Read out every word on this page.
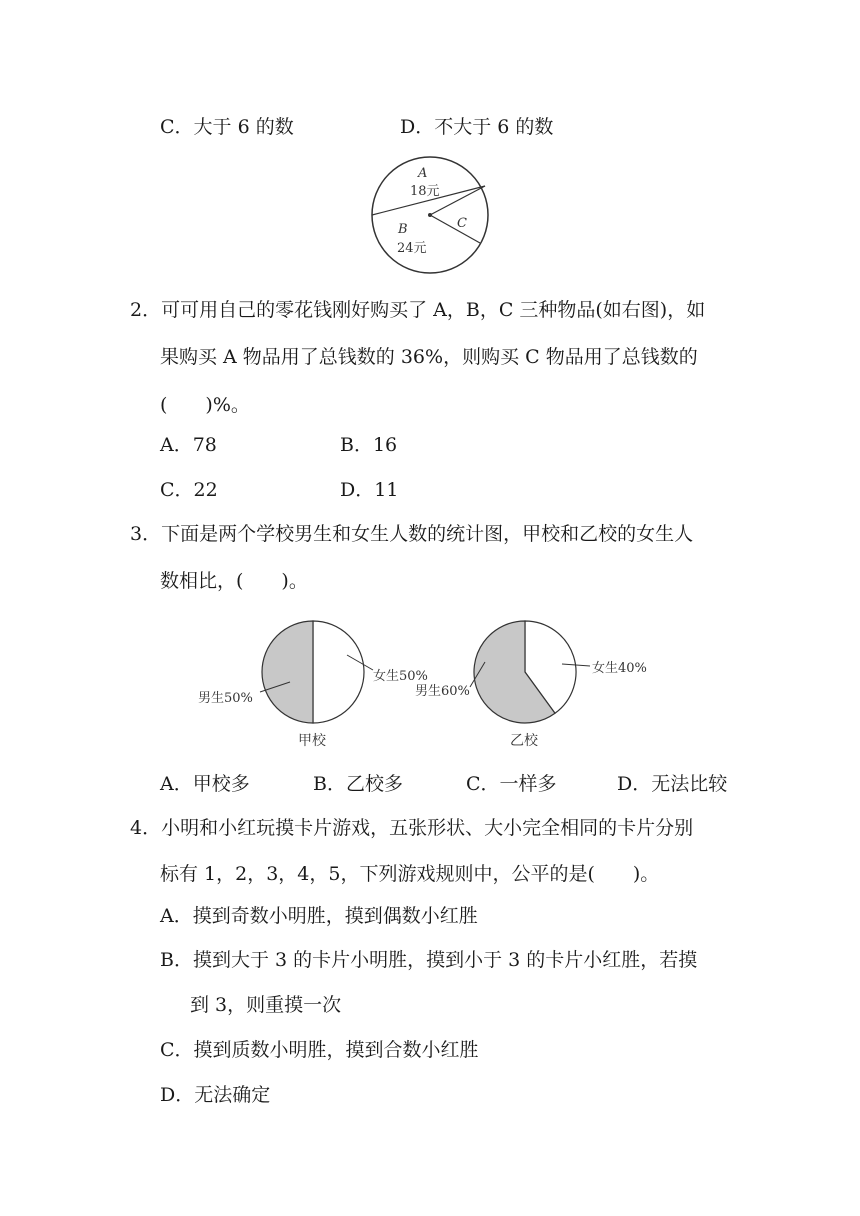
C．大于 6 的数	D．不大于 6 的数
A
18元
B
24元
C
2．可可用自己的零花钱刚好购买了 A，B，C 三种物品(如右图)，如
果购买 A 物品用了总钱数的 36%，则购买 C 物品用了总钱数的
(　　)%。
A．78	B．16
C．22	D．11
3．下面是两个学校男生和女生人数的统计图，甲校和乙校的女生人
数相比，(　　)。
女生50%
男生50%
甲校
女生40%
男生60%
乙校
A．甲校多	B．乙校多	C．一样多	D．无法比较
4．小明和小红玩摸卡片游戏，五张形状、大小完全相同的卡片分别
标有 1，2，3，4，5，下列游戏规则中，公平的是(　　)。
A．摸到奇数小明胜，摸到偶数小红胜
B．摸到大于 3 的卡片小明胜，摸到小于 3 的卡片小红胜，若摸
到 3，则重摸一次
C．摸到质数小明胜，摸到合数小红胜
D．无法确定
